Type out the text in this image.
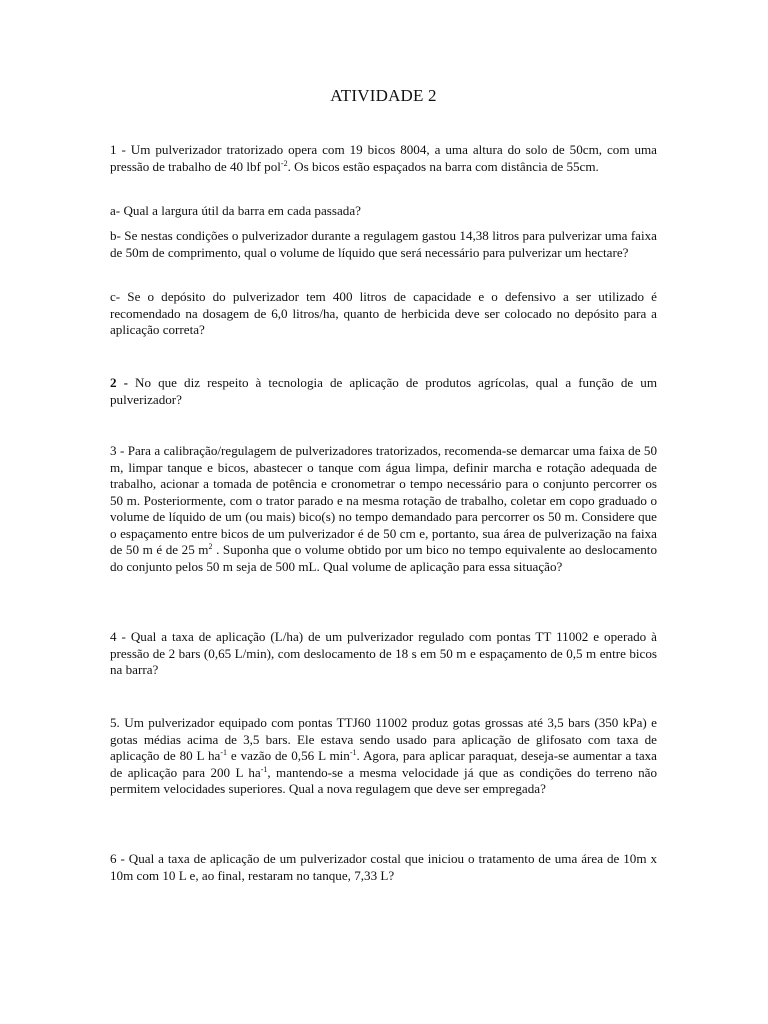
ATIVIDADE 2

1 - Um pulverizador tratorizado opera com 19 bicos 8004, a uma altura do solo de 50cm, com uma pressão de trabalho de 40 lbf pol$^{-2}$. Os bicos estão espaçados na barra com distância de 55cm.

a- Qual a largura útil da barra em cada passada?

b- Se nestas condições o pulverizador durante a regulagem gastou 14,38 litros para pulverizar uma faixa de 50m de comprimento, qual o volume de líquido que será necessário para pulverizar um hectare?

c- Se o depósito do pulverizador tem 400 litros de capacidade e o defensivo a ser utilizado é recomendado na dosagem de 6,0 litros/ha, quanto de herbicida deve ser colocado no depósito para a aplicação correta?

2 - No que diz respeito à tecnologia de aplicação de produtos agrícolas, qual a função de um pulverizador?

3 - Para a calibração/regulagem de pulverizadores tratorizados, recomenda-se demarcar uma faixa de 50 m, limpar tanque e bicos, abastecer o tanque com água limpa, definir marcha e rotação adequada de trabalho, acionar a tomada de potência e cronometrar o tempo necessário para o conjunto percorrer os 50 m. Posteriormente, com o trator parado e na mesma rotação de trabalho, coletar em copo graduado o volume de líquido de um (ou mais) bico(s) no tempo demandado para percorrer os 50 m. Considere que o espaçamento entre bicos de um pulverizador é de 50 cm e, portanto, sua área de pulverização na faixa de 50 m é de 25 $m^2$ . Suponha que o volume obtido por um bico no tempo equivalente ao deslocamento do conjunto pelos 50 m seja de 500 mL. Qual volume de aplicação para essa situação?

4 - Qual a taxa de aplicação (L/ha) de um pulverizador regulado com pontas TT 11002 e operado à pressão de 2 bars (0,65 L/min), com deslocamento de 18 s em 50 m e espaçamento de 0,5 m entre bicos na barra?

5. Um pulverizador equipado com pontas TTJ60 11002 produz gotas grossas até 3,5 bars (350 kPa) e gotas médias acima de 3,5 bars. Ele estava sendo usado para aplicação de glifosato com taxa de aplicação de 80 L $ha^{-1}$ e vazão de 0,56 L $\min^{-1}$. Agora, para aplicar paraquat, deseja-se aumentar a taxa de aplicação para 200 L $ha^{-1}$, mantendo-se a mesma velocidade já que as condições do terreno não permitem velocidades superiores. Qual a nova regulagem que deve ser empregada?

6 - Qual a taxa de aplicação de um pulverizador costal que iniciou o tratamento de uma área de 10m x 10m com 10 L e, ao final, restaram no tanque, 7,33 L?
